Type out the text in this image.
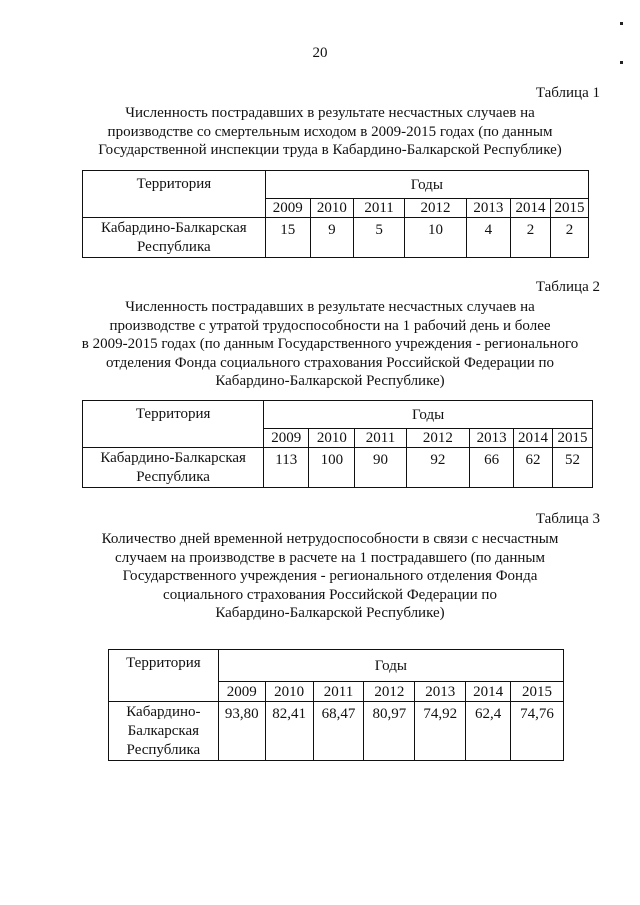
20
Таблица 1
Численность пострадавших в результате несчастных случаев на
производстве со смертельным исходом в 2009-2015 годах (по данным
Государственной инспекции труда в Кабардино-Балкарской Республике)
Территория	Годы						
	2009	2010	2011	2012	2013	2014	2015

Кабардино-Балкарская
Республика	15	9	5	10	4	2	2
Таблица 2
Численность пострадавших в результате несчастных случаев на
производстве с утратой трудоспособности на 1 рабочий день и более
в 2009-2015 годах (по данным Государственного учреждения - регионального
отделения Фонда социального страхования Российской Федерации по
Кабардино-Балкарской Республике)
Территория	Годы						
	2009	2010	2011	2012	2013	2014	2015

Кабардино-Балкарская
Республика	113	100	90	92	66	62	52
Таблица 3
Количество дней временной нетрудоспособности в связи с несчастным
случаем на производстве в расчете на 1 пострадавшего (по данным
Государственного учреждения - регионального отделения Фонда
социального страхования Российской Федерации по
Кабардино-Балкарской Республике)
Территория	Годы						
	2009	2010	2011	2012	2013	2014	2015

Кабардино-
Балкарская
Республика	93,80	82,41	68,47	80,97	74,92	62,4	74,76
